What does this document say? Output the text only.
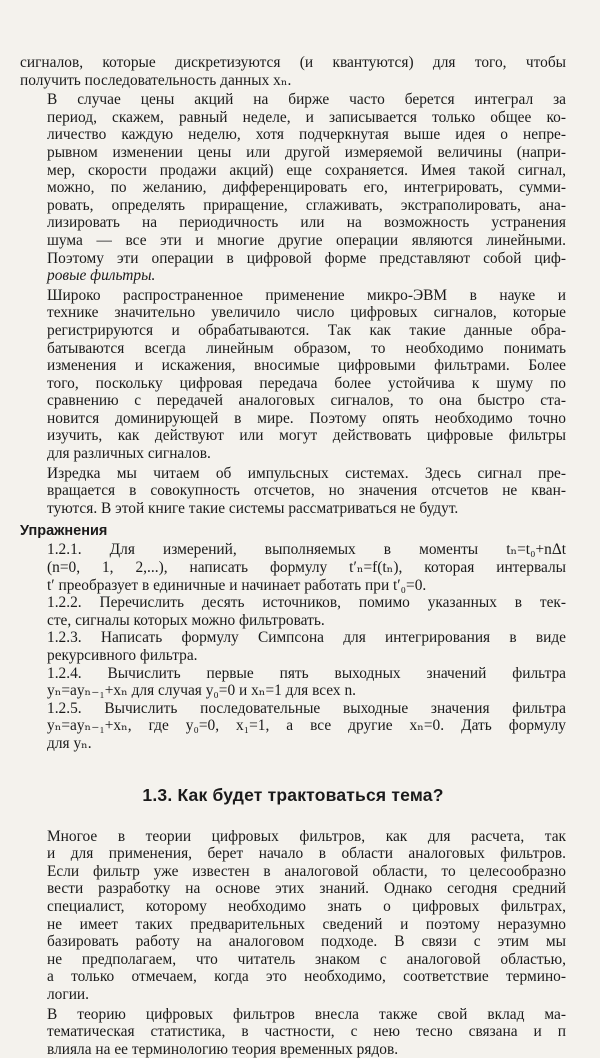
сигналов, которые дискретизуются (и квантуются) для того, чтобы
получить последовательность данных xₙ.

В случае цены акций на бирже часто берется интеграл за
период, скажем, равный неделе, и записывается только общее ко-
личество каждую неделю, хотя подчеркнутая выше идея о непре-
рывном изменении цены или другой измеряемой величины (напри-
мер, скорости продажи акций) еще сохраняется. Имея такой сигнал,
можно, по желанию, дифференцировать его, интегрировать, сумми-
ровать, определять приращение, сглаживать, экстраполировать, ана-
лизировать на периодичность или на возможность устранения
шума — все эти и многие другие операции являются линейными.
Поэтому эти операции в цифровой форме представляют собой циф-
ровые фильтры.

Широко распространенное применение микро-ЭВМ в науке и
технике значительно увеличило число цифровых сигналов, которые
регистрируются и обрабатываются. Так как такие данные обра-
батываются всегда линейным образом, то необходимо понимать
изменения и искажения, вносимые цифровыми фильтрами. Более
того, поскольку цифровая передача более устойчива к шуму по
сравнению с передачей аналоговых сигналов, то она быстро ста-
новится доминирующей в мире. Поэтому опять необходимо точно
изучить, как действуют или могут действовать цифровые фильтры
для различных сигналов.

Изредка мы читаем об импульсных системах. Здесь сигнал пре-
вращается в совокупность отсчетов, но значения отсчетов не кван-
туются. В этой книге такие системы рассматриваться не будут.

Упражнения
1.2.1. Для измерений, выполняемых в моменты tₙ=t₀+nΔt
(n=0, 1, 2,...), написать формулу t′ₙ=f(tₙ), которая интервалы
t′ преобразует в единичные и начинает работать при t′₀=0.
1.2.2. Перечислить десять источников, помимо указанных в тек-
сте, сигналы которых можно фильтровать.
1.2.3. Написать формулу Симпсона для интегрирования в виде
рекурсивного фильтра.
1.2.4. Вычислить первые пять выходных значений фильтра
yₙ=ayₙ₋₁+xₙ для случая y₀=0 и xₙ=1 для всех n.
1.2.5. Вычислить последовательные выходные значения фильтра
yₙ=ayₙ₋₁+xₙ, где y₀=0, x₁=1, а все другие xₙ=0. Дать формулу
для yₙ.
1.3. Как будет трактоваться тема?

Многое в теории цифровых фильтров, как для расчета, так
и для применения, берет начало в области аналоговых фильтров.
Если фильтр уже известен в аналоговой области, то целесообразно
вести разработку на основе этих знаний. Однако сегодня средний
специалист, которому необходимо знать о цифровых фильтрах,
не имеет таких предварительных сведений и поэтому неразумно
базировать работу на аналоговом подходе. В связи с этим мы
не предполагаем, что читатель знаком с аналоговой областью,
а только отмечаем, когда это необходимо, соответствие термино-
логии.

В теорию цифровых фильтров внесла также свой вклад ма-
тематическая статистика, в частности, с нею тесно связана и п
влияла на ее терминологию теория временных рядов.
